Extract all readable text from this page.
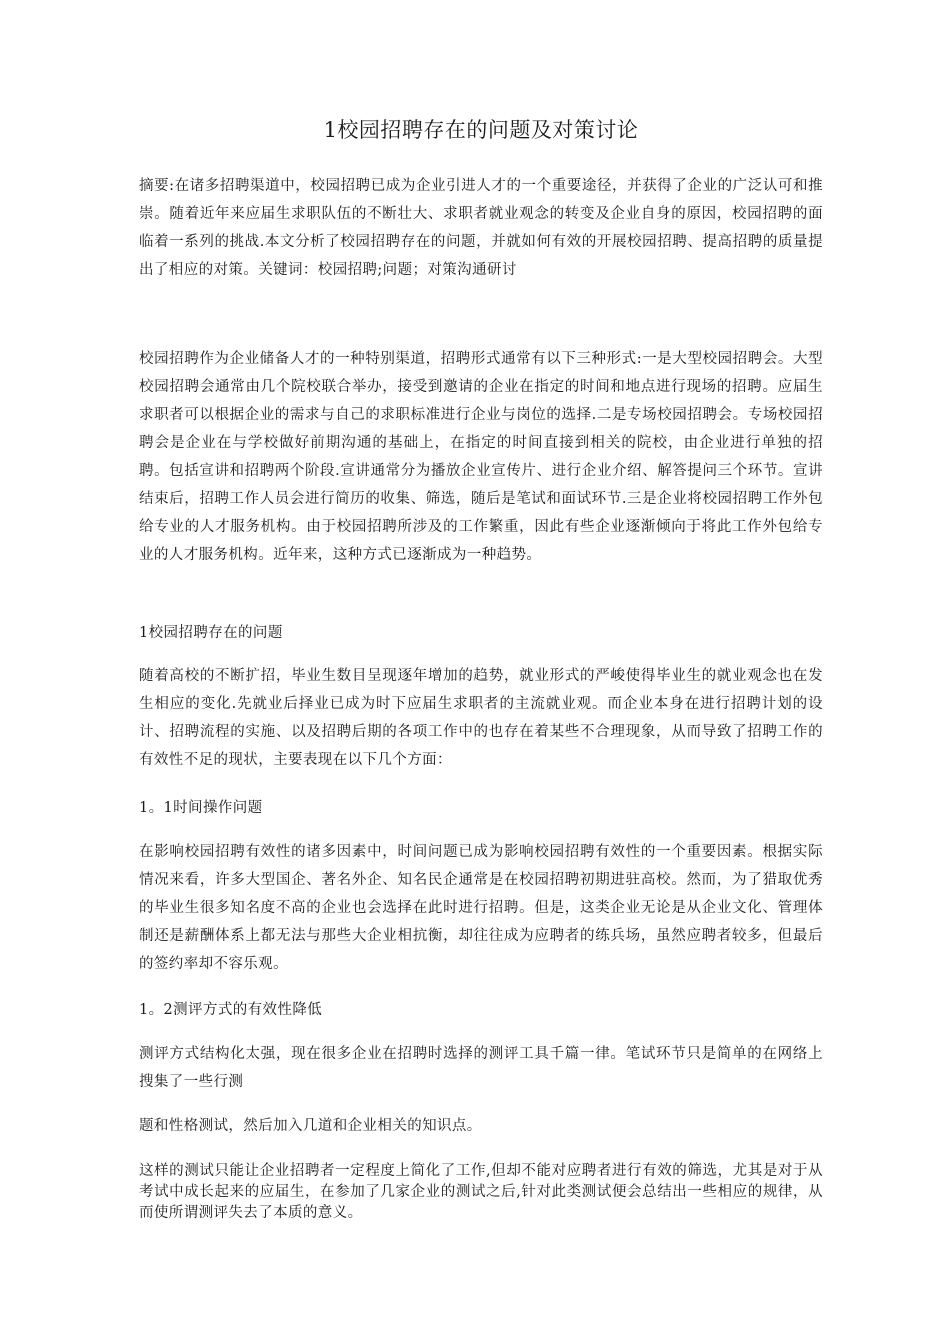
1校园招聘存在的问题及对策讨论

摘要:在诸多招聘渠道中，校园招聘已成为企业引进人才的一个重要途径，并获得了企业的广泛认可和推崇。随着近年来应届生求职队伍的不断壮大、求职者就业观念的转变及企业自身的原因，校园招聘的面临着一系列的挑战.本文分析了校园招聘存在的问题，并就如何有效的开展校园招聘、提高招聘的质量提出了相应的对策。关键词：校园招聘;问题；对策沟通研讨

校园招聘作为企业储备人才的一种特别渠道，招聘形式通常有以下三种形式:一是大型校园招聘会。大型校园招聘会通常由几个院校联合举办，接受到邀请的企业在指定的时间和地点进行现场的招聘。应届生求职者可以根据企业的需求与自己的求职标准进行企业与岗位的选择.二是专场校园招聘会。专场校园招聘会是企业在与学校做好前期沟通的基础上，在指定的时间直接到相关的院校，由企业进行单独的招聘。包括宣讲和招聘两个阶段.宣讲通常分为播放企业宣传片、进行企业介绍、解答提问三个环节。宣讲结束后，招聘工作人员会进行简历的收集、筛选，随后是笔试和面试环节.三是企业将校园招聘工作外包给专业的人才服务机构。由于校园招聘所涉及的工作繁重，因此有些企业逐渐倾向于将此工作外包给专业的人才服务机构。近年来，这种方式已逐渐成为一种趋势。

1校园招聘存在的问题

随着高校的不断扩招，毕业生数目呈现逐年增加的趋势，就业形式的严峻使得毕业生的就业观念也在发生相应的变化.先就业后择业已成为时下应届生求职者的主流就业观。而企业本身在进行招聘计划的设计、招聘流程的实施、以及招聘后期的各项工作中的也存在着某些不合理现象，从而导致了招聘工作的有效性不足的现状，主要表现在以下几个方面：

1。1时间操作问题

在影响校园招聘有效性的诸多因素中，时间问题已成为影响校园招聘有效性的一个重要因素。根据实际情况来看，许多大型国企、著名外企、知名民企通常是在校园招聘初期进驻高校。然而，为了猎取优秀的毕业生很多知名度不高的企业也会选择在此时进行招聘。但是，这类企业无论是从企业文化、管理体制还是薪酬体系上都无法与那些大企业相抗衡，却往往成为应聘者的练兵场，虽然应聘者较多，但最后的签约率却不容乐观。

1。2测评方式的有效性降低

测评方式结构化太强，现在很多企业在招聘时选择的测评工具千篇一律。笔试环节只是简单的在网络上搜集了一些行测

题和性格测试，然后加入几道和企业相关的知识点。

这样的测试只能让企业招聘者一定程度上简化了工作,但却不能对应聘者进行有效的筛选，尤其是对于从考试中成长起来的应届生，在参加了几家企业的测试之后,针对此类测试便会总结出一些相应的规律，从而使所谓测评失去了本质的意义。
